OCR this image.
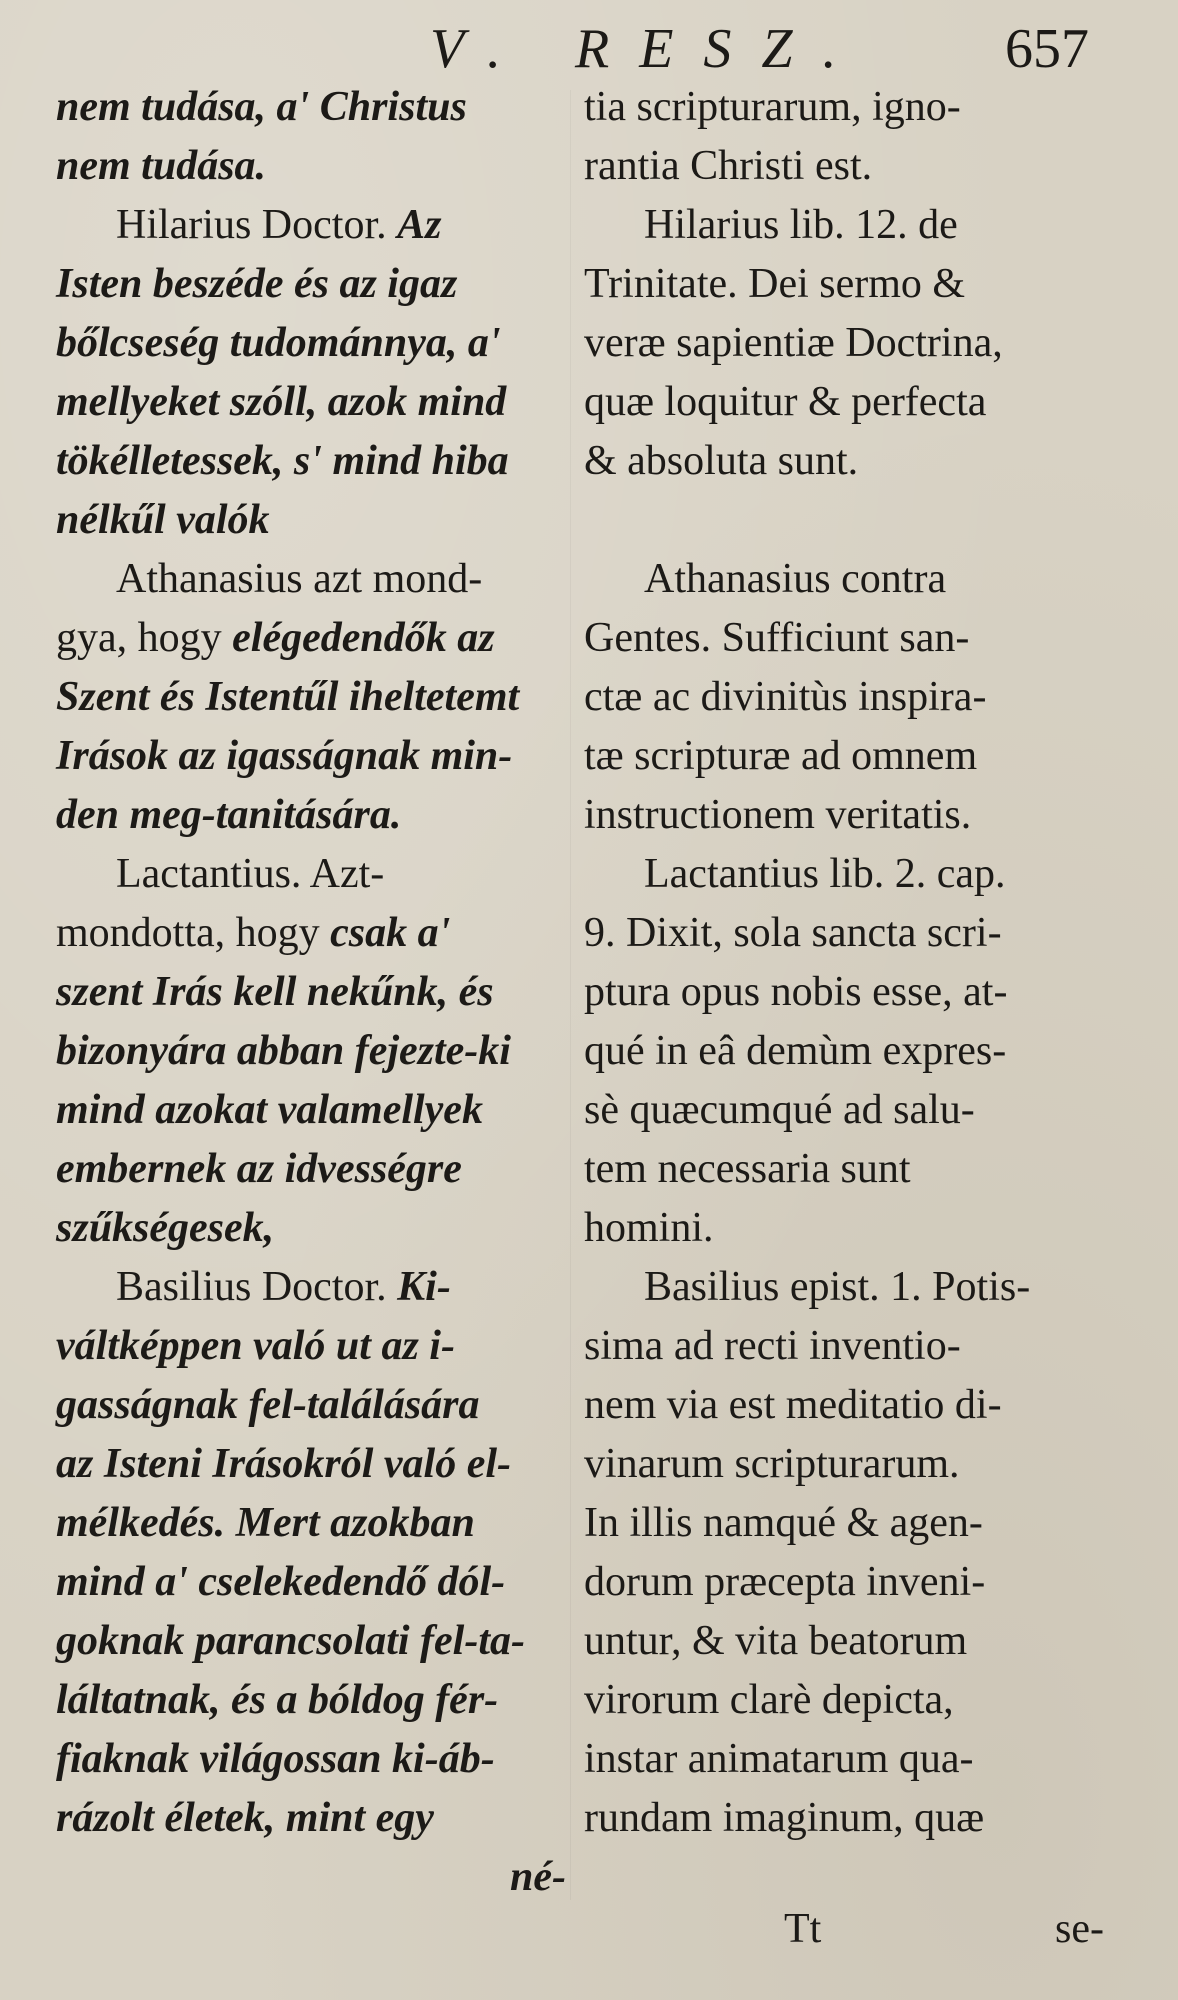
V. RESZ. 657
nem tudása, a' Christus
nem tudása.
Hilarius Doctor. Az
Isten beszéde és az igaz
bőlcseség tudománnya, a'
mellyeket szóll, azok mind
tökélletessek, s' mind hiba
nélkűl valók
Athanasius azt mond-
gya, hogy elégedendők az
Szent és Istentűl ihelteteтt
Irások az igasságnak min-
den meg-tanitására.
Lactantius. Azt-
mondotta, hogy csak a'
szent Irás kell nekűnk, és
bizonyára abban fejezte-ki
mind azokat valamellyek
embernek az idvességre
szűkségesek,
Basilius Doctor. Ki-
váltképpen való ut az i-
gasságnak fel-találására
az Isteni Irásokról való el-
mélkedés. Mert azokban
mind a' cselekedendő dól-
goknak parancsolati fel-ta-
láltatnak, és a bóldog fér-
fiaknak világossan ki-áb-
rázolt életek, mint egy
né-
tia scripturarum, igno-
rantia Christi est.
Hilarius lib. 12. de
Trinitate. Dei sermo &
veræ sapientiæ Doctrina,
quæ loquitur & perfecta
& absoluta sunt.
Athanasius contra
Gentes. Sufficiunt san-
ctæ ac divinitùs inspira-
tæ scripturæ ad omnem
instructionem veritatis.
Lactantius lib. 2. cap.
9. Dixit, sola sancta scri-
ptura opus nobis esse, at-
qué in eâ demùm expres-
sè quæcumqué ad salu-
tem necessaria sunt
homini.
Basilius epist. 1. Potis-
sima ad recti inventio-
nem via est meditatio di-
vinarum scripturarum.
In illis namqué & agen-
dorum præcepta inveni-
untur, & vita beatorum
virorum clarè depicta,
instar animatarum qua-
rundam imaginum, quæ
Tt	se-
